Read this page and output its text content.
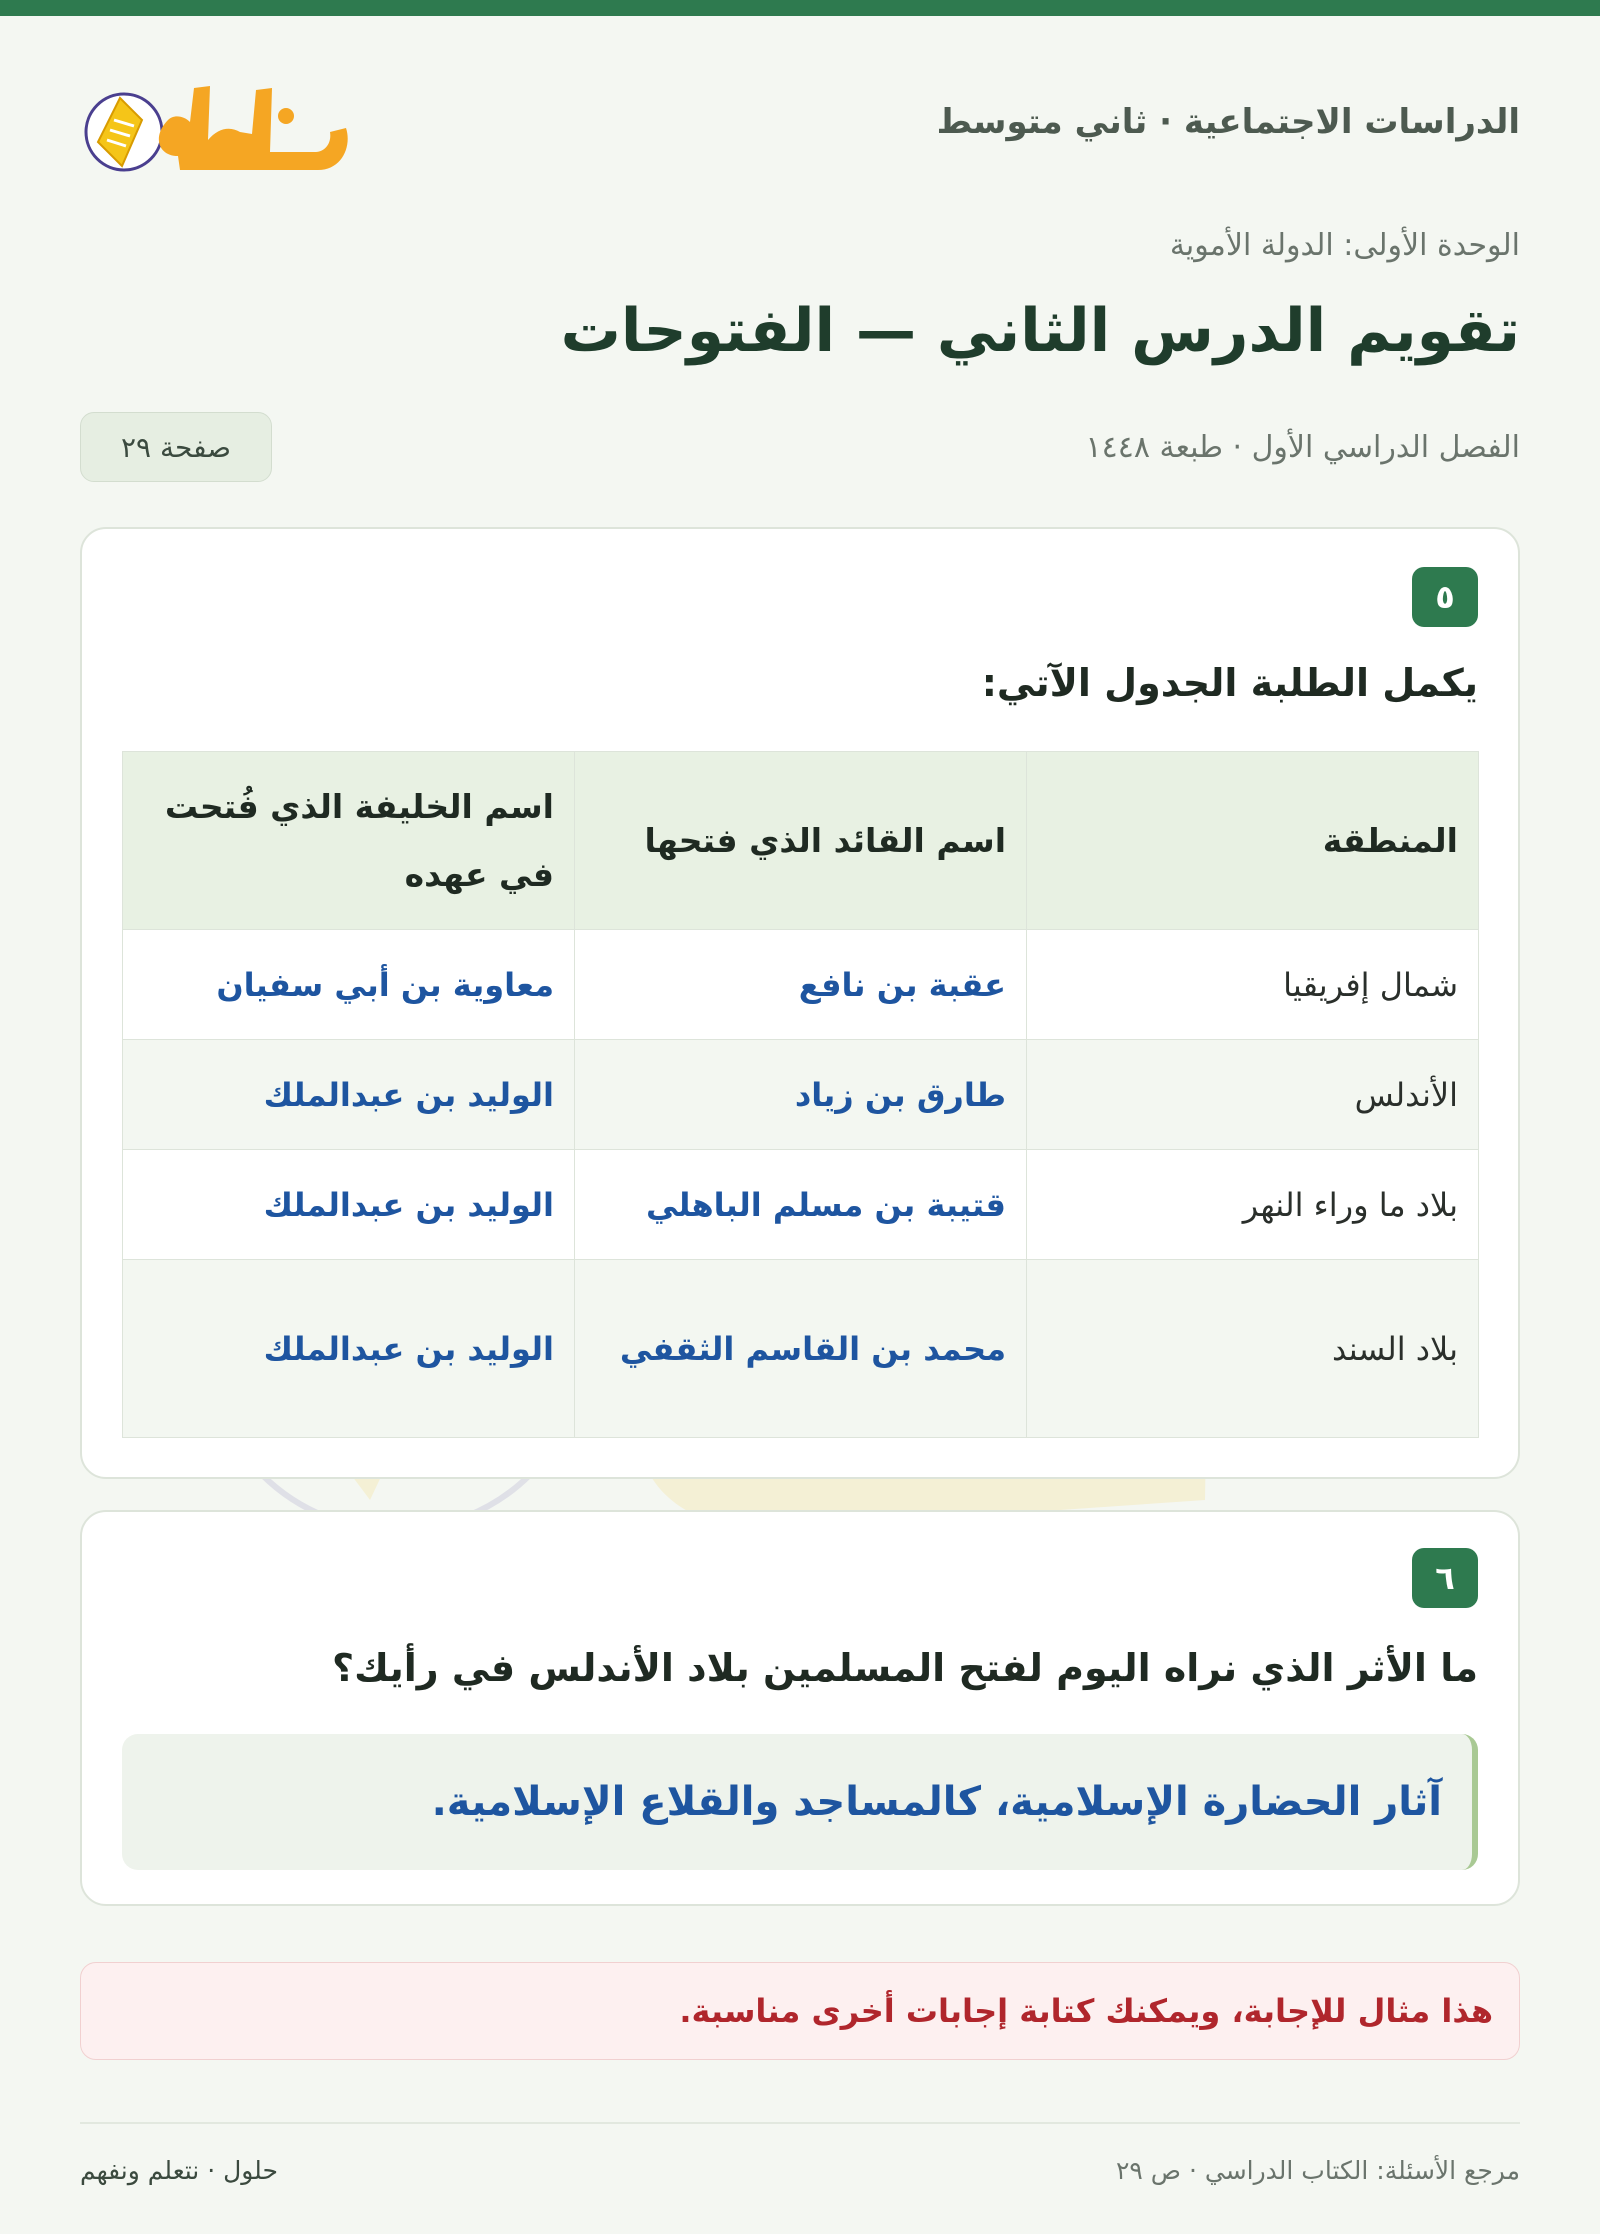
الدراسات الاجتماعية · ثاني متوسط
الوحدة الأولى: الدولة الأموية
تقويم الدرس الثاني — الفتوحات
الفصل الدراسي الأول · طبعة ١٤٤٨
صفحة ٢٩
٥
يكمل الطلبة الجدول الآتي:
المنطقة	اسم القائد الذي فتحها	اسم الخليفة الذي فُتحت في عهده
شمال إفريقيا	عقبة بن نافع	معاوية بن أبي سفيان
الأندلس	طارق بن زياد	الوليد بن عبدالملك
بلاد ما وراء النهر	قتيبة بن مسلم الباهلي	الوليد بن عبدالملك
بلاد السند	محمد بن القاسم الثقفي	الوليد بن عبدالملك
٦
ما الأثر الذي نراه اليوم لفتح المسلمين بلاد الأندلس في رأيك؟
آثار الحضارة الإسلامية، كالمساجد والقلاع الإسلامية.
هذا مثال للإجابة، ويمكنك كتابة إجابات أخرى مناسبة.
مرجع الأسئلة: الكتاب الدراسي · ص ٢٩
حلول · نتعلم ونفهم
